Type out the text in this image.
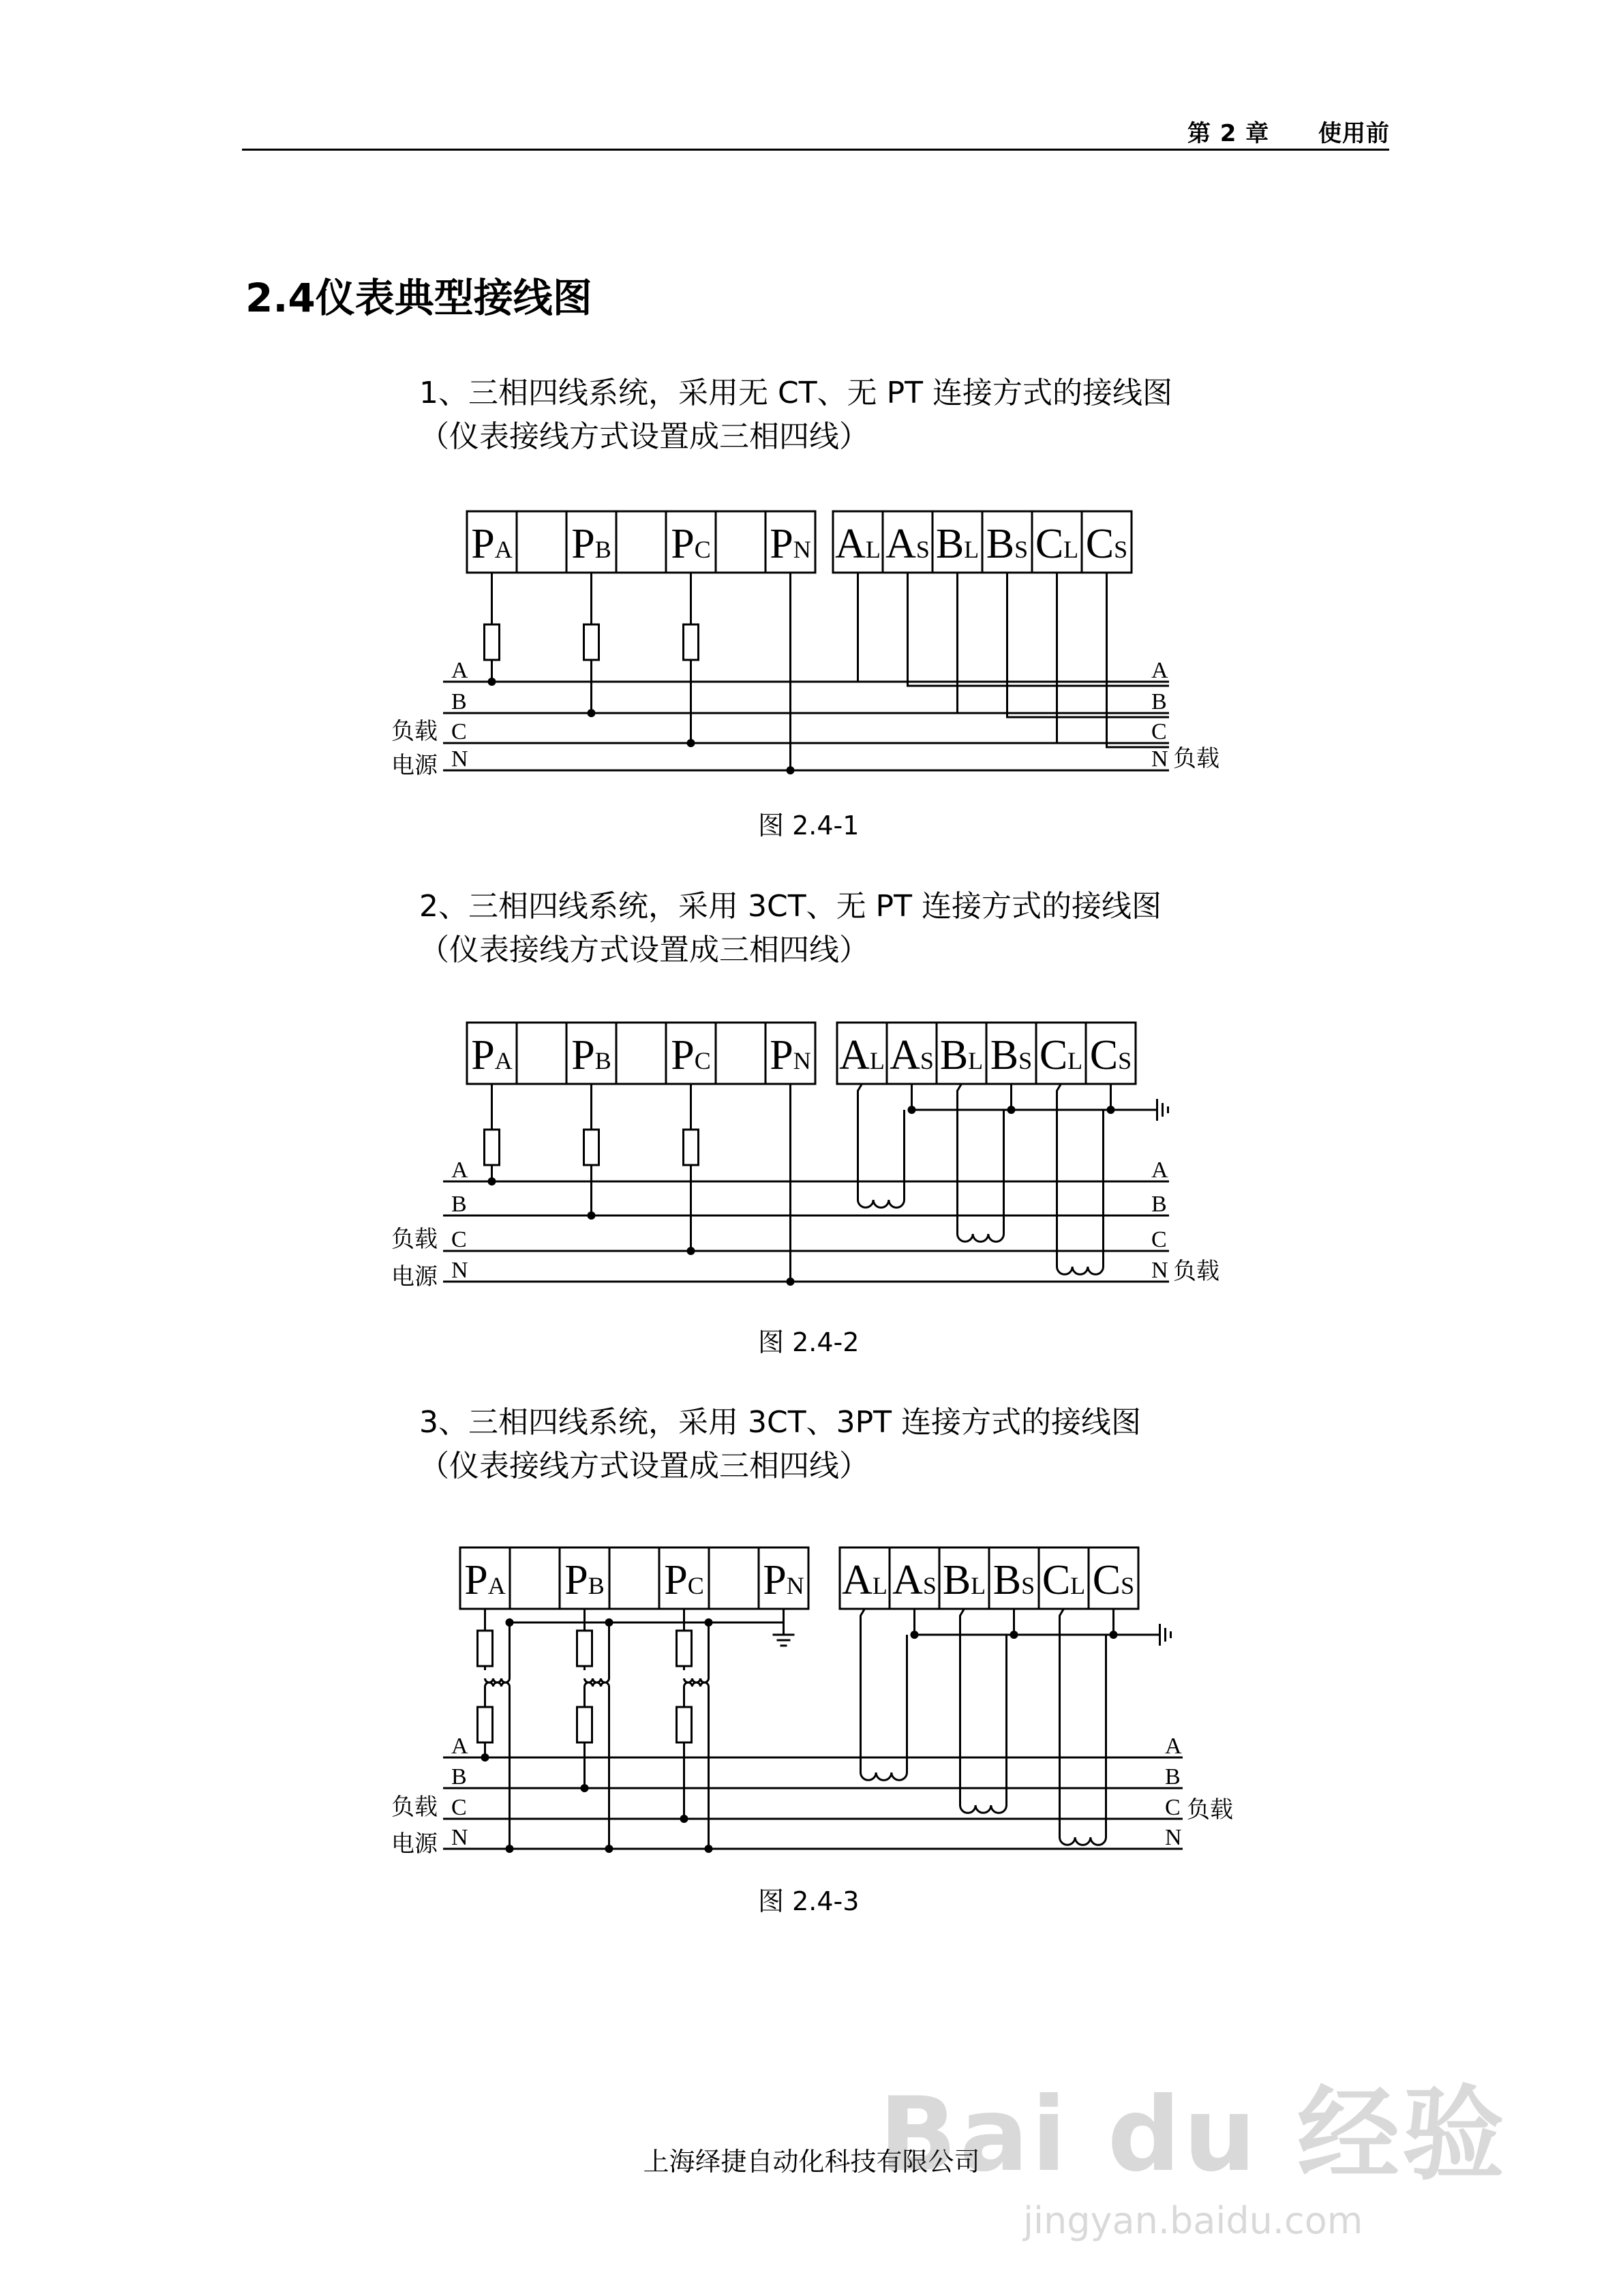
第 2 章 使用前
2.4仪表典型接线图
1、三相四线系统，采用无 CT、无 PT 连接方式的接线图
（仪表接线方式设置成三相四线）
PA PB PC PN AL AS BL BS CL CS
A	A
B	B
C	C
N	N
负载
电源	负载
图 2.4-1
2、三相四线系统，采用 3CT、无 PT 连接方式的接线图
（仪表接线方式设置成三相四线）
PA PB PC PN AL AS BL BS CL CS
A	A
B	B
C	C
N	N
负载
电源	负载
图 2.4-2
3、三相四线系统，采用 3CT、3PT 连接方式的接线图
（仪表接线方式设置成三相四线）
PA PB PC PN AL AS BL BS CL CS
A	A
B	B
C	C
N	N
负载
电源
负载
图 2.4-3
上海绎捷自动化科技有限公司
Bai du 经验
jingyan.baidu.com
